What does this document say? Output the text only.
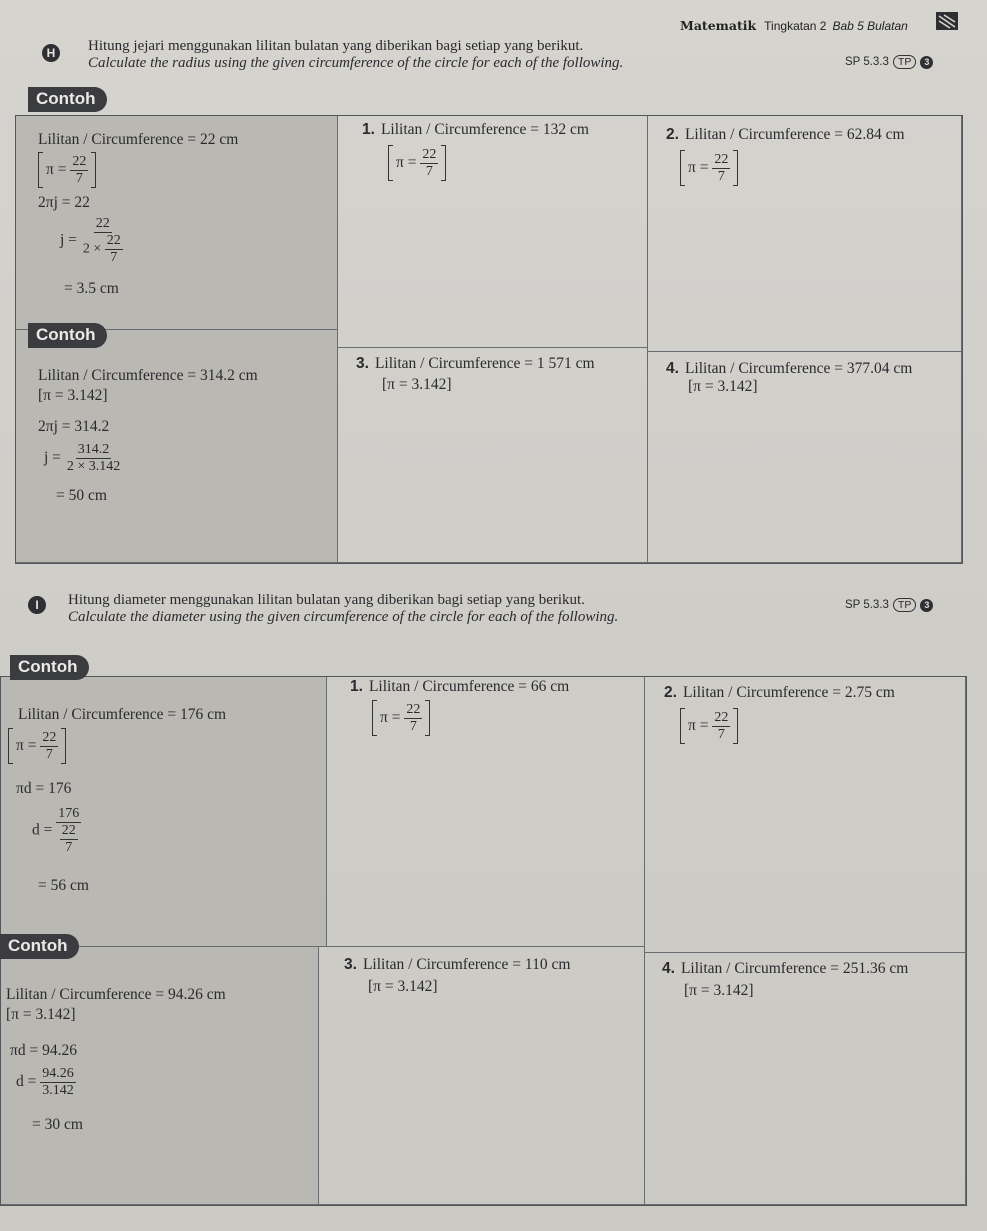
Matematik Tingkatan 2 Bab 5 Bulatan
H	Hitung jejari menggunakan lilitan bulatan yang diberikan bagi setiap yang berikut.
Calculate the radius using the given circumference of the circle for each of the following.	SP 5.3.3 TP	3
Contoh
Lilitan / Circumference = 22 cm
π =
$\frac{22}{7}$
2πj = 22
$j = \frac{22}{2 \times \frac{22}{7}}$
= 3.5 cm
1. Lilitan / Circumference = 132 cm
π =
$\frac{22}{7}$
2. Lilitan / Circumference = 62.84 cm
π =
$\frac{22}{7}$
Contoh
Lilitan / Circumference = 314.2 cm
[π = 3.142]
2πj = 314.2
$j = \frac{314.2}{2 \times 3.142}$
= 50 cm
3. Lilitan / Circumference = 1 571 cm
[π = 3.142]
4. Lilitan / Circumference = 377.04 cm
[π = 3.142]
I	Hitung diameter menggunakan lilitan bulatan yang diberikan bagi setiap yang berikut.
Calculate the diameter using the given circumference of the circle for each of the following.
SP 5.3.3 TP	3
Contoh
Lilitan / Circumference = 176 cm
π =
$\frac{22}{7}$
πd = 176
$d = \frac{176}{\frac{22}{7}}$
= 56 cm
1. Lilitan / Circumference = 66 cm
π =
$\frac{22}{7}$
2. Lilitan / Circumference = 2.75 cm
π =
$\frac{22}{7}$
Contoh
Lilitan / Circumference = 94.26 cm
[π = 3.142]
πd = 94.26
$d = \frac{94.26}{3.142}$
= 30 cm
3. Lilitan / Circumference = 110 cm
[π = 3.142]
4. Lilitan / Circumference = 251.36 cm
[π = 3.142]
